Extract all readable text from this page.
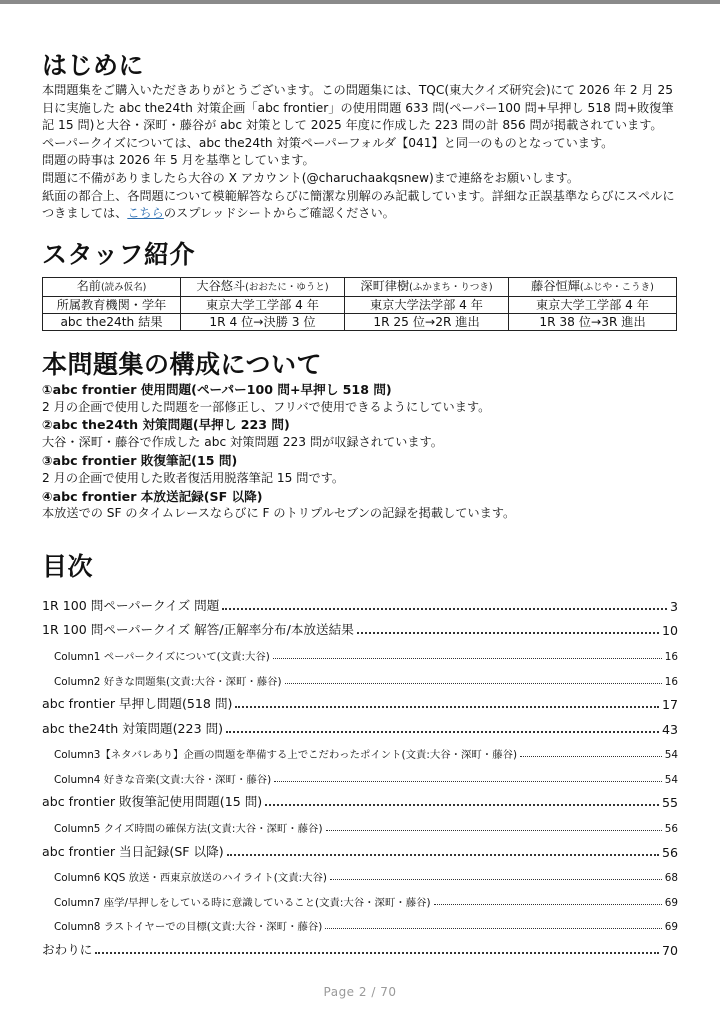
はじめに

本問題集をご購入いただきありがとうございます。この問題集には、TQC(東大クイズ研究会)にて 2026 年 2 月 25 日に実施した abc the24th 対策企画「abc frontier」の使用問題 633 問(ペーパー100 問+早押し 518 問+敗復筆記 15 問)と大谷・深町・藤谷が abc 対策として 2025 年度に作成した 223 問の計 856 問が掲載されています。

ペーパークイズについては、abc the24th 対策ペーパーフォルダ【041】と同一のものとなっています。

問題の時事は 2026 年 5 月を基準としています。

問題に不備がありましたら大谷の X アカウント(@charuchaakqsnew)まで連絡をお願いします。

紙面の都合上、各問題について模範解答ならびに簡潔な別解のみ記載しています。詳細な正誤基準ならびにスペルにつきましては、こちらのスプレッドシートからご確認ください。

スタッフ紹介
名前(読み仮名)	大谷悠斗(おおたに・ゆうと)	深町律樹(ふかまち・りつき)	藤谷恒輝(ふじや・こうき)
所属教育機関・学年	東京大学工学部 4 年	東京大学法学部 4 年	東京大学工学部 4 年
abc the24th 結果	1R 4 位→決勝 3 位	1R 25 位→2R 進出	1R 38 位→3R 進出
本問題集の構成について

①abc frontier 使用問題(ペーパー100 問+早押し 518 問)

2 月の企画で使用した問題を一部修正し、フリバで使用できるようにしています。

②abc the24th 対策問題(早押し 223 問)

大谷・深町・藤谷で作成した abc 対策問題 223 問が収録されています。

③abc frontier 敗復筆記(15 問)

2 月の企画で使用した敗者復活用脱落筆記 15 問です。

④abc frontier 本放送記録(SF 以降)

本放送での SF のタイムレースならびに F のトリプルセブンの記録を掲載しています。

目次
1R 100 問ペーパークイズ 問題	3
1R 100 問ペーパークイズ 解答/正解率分布/本放送結果	10
Column1 ペーパークイズについて(文責:大谷)	16
Column2 好きな問題集(文責:大谷・深町・藤谷)	16
abc frontier 早押し問題(518 問)	17
abc the24th 対策問題(223 問)	43
Column3【ネタバレあり】企画の問題を準備する上でこだわったポイント(文責:大谷・深町・藤谷)	54
Column4 好きな音楽(文責:大谷・深町・藤谷)	54
abc frontier 敗復筆記使用問題(15 問)	55
Column5 クイズ時間の確保方法(文責:大谷・深町・藤谷)	56
abc frontier 当日記録(SF 以降)	56
Column6 KQS 放送・西東京放送のハイライト(文責:大谷)	68
Column7 座学/早押しをしている時に意識していること(文責:大谷・深町・藤谷)	69
Column8 ラストイヤーでの目標(文責:大谷・深町・藤谷)	69
おわりに	70
Page 2 / 70
